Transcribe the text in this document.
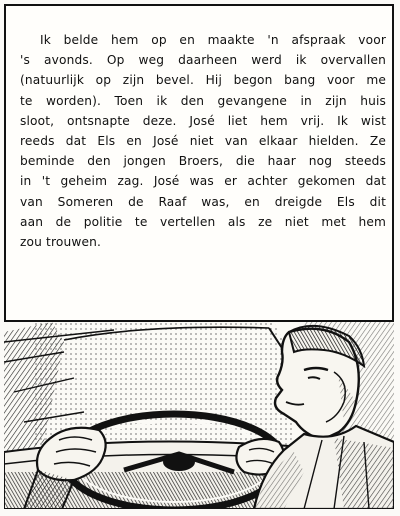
Ik belde hem op en maakte 'n afspraak voor
's avonds. Op weg daarheen werd ik overvallen
(natuurlijk op zijn bevel. Hij begon bang voor me
te worden). Toen ik den gevangene in zijn huis
sloot, ontsnapte deze. José liet hem vrij. Ik wist
reeds dat Els en José niet van elkaar hielden. Ze
beminde den jongen Broers, die haar nog steeds
in 't geheim zag. José was er achter gekomen dat
van Someren de Raaf was, en dreigde Els dit
aan de politie te vertellen als ze niet met hem
zou trouwen.
